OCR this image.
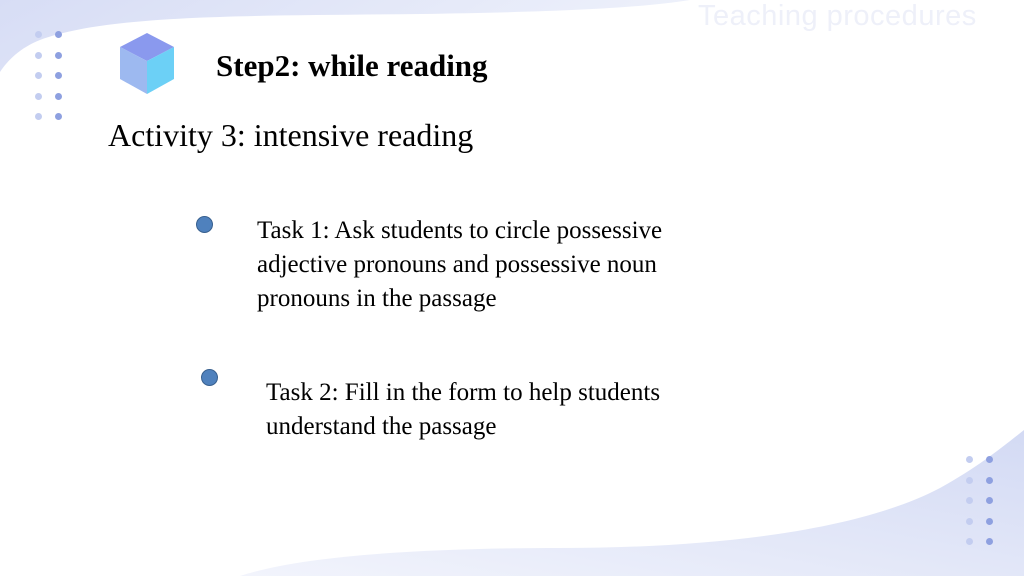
Teaching procedures
Step2: while reading
Activity 3: intensive reading
Task 1: Ask students to circle possessive
adjective pronouns and possessive noun
pronouns in the passage
Task 2: Fill in the form to help students
understand the passage
